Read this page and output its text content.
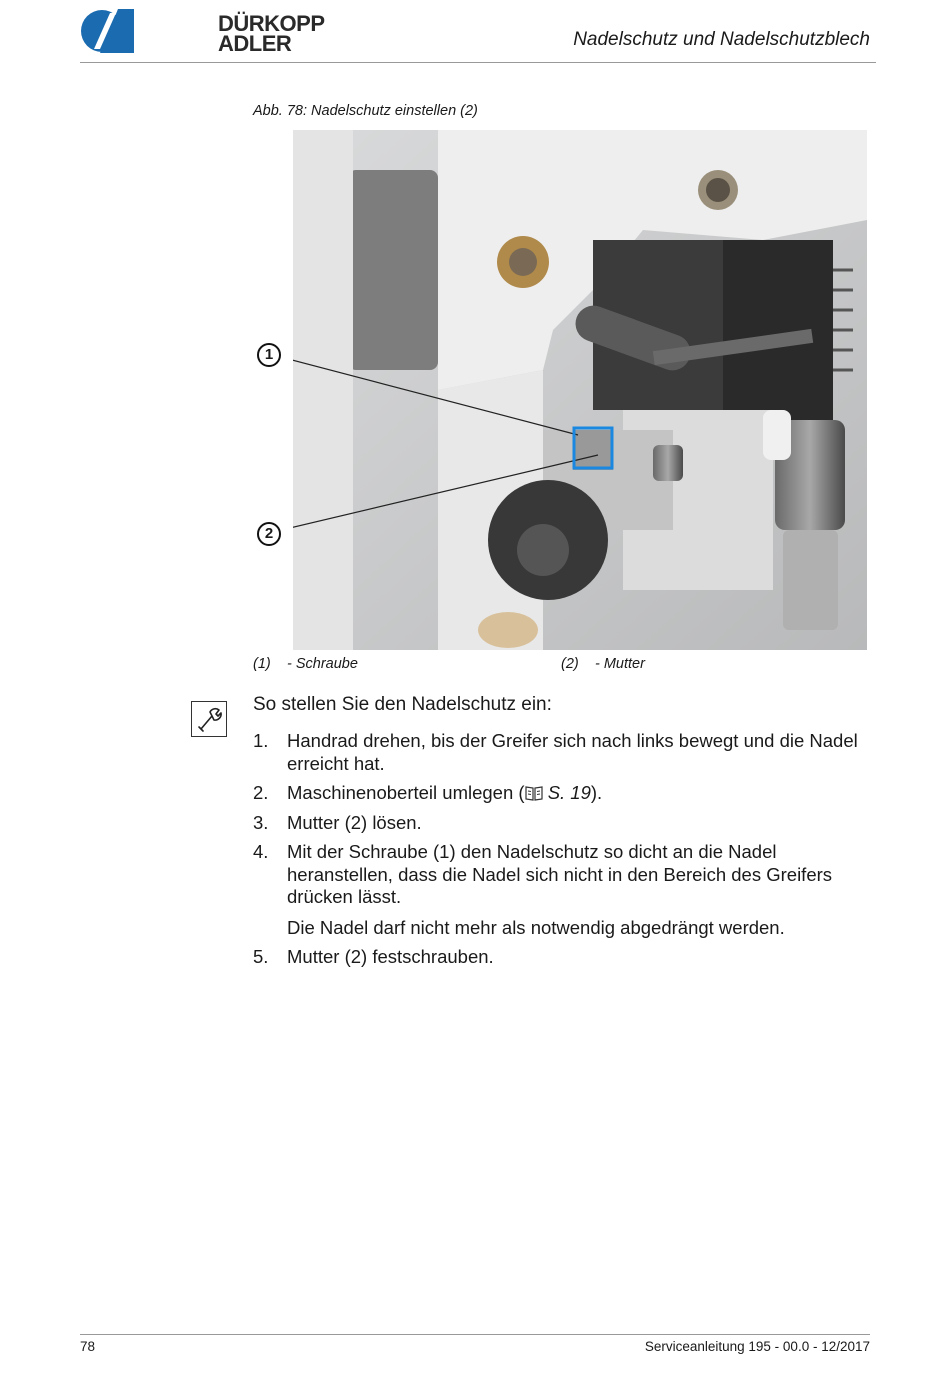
DÜRKOPP
ADLER	Nadelschutz und Nadelschutzblech
Abb. 78: Nadelschutz einstellen (2)
1
2
(1) - Schraube	(2) - Mutter
So stellen Sie den Nadelschutz ein:
1. Handrad drehen, bis der Greifer sich nach links bewegt und die Nadel erreicht hat.
2. Maschinenoberteil umlegen ( S. 19).
3. Mutter (2) lösen.
4. Mit der Schraube (1) den Nadelschutz so dicht an die Nadel heranstellen, dass die Nadel sich nicht in den Bereich des Greifers drücken lässt.
Die Nadel darf nicht mehr als notwendig abgedrängt werden.
5. Mutter (2) festschrauben.
78	Serviceanleitung 195 - 00.0 - 12/2017
